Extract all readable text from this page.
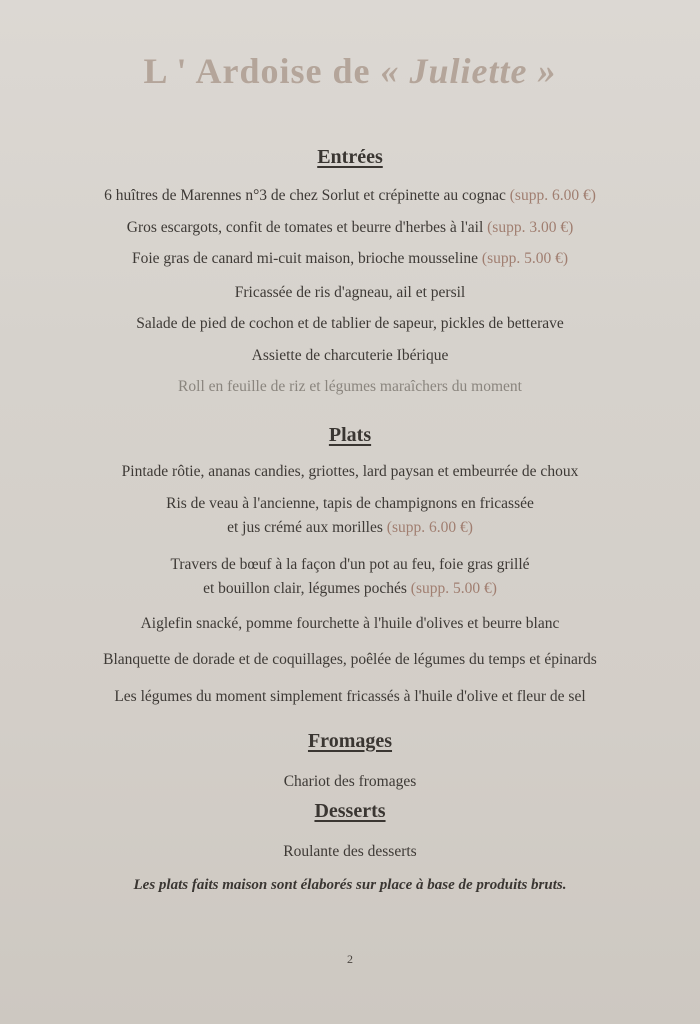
L ' Ardoise de « Juliette »
Entrées
6 huîtres de Marennes n°3 de chez Sorlut et crépinette au cognac (supp. 6.00 €)
Gros escargots, confit de tomates et beurre d'herbes à l'ail (supp. 3.00 €)
Foie gras de canard mi-cuit maison, brioche mousseline (supp. 5.00 €)
Fricassée de ris d'agneau, ail et persil
Salade de pied de cochon et de tablier de sapeur, pickles de betterave
Assiette de charcuterie Ibérique
Roll en feuille de riz et légumes maraîchers du moment
Plats
Pintade rôtie, ananas candies, griottes, lard paysan et embeurrée de choux
Ris de veau à l'ancienne, tapis de champignons en fricassée
et jus crémé aux morilles (supp. 6.00 €)
Travers de bœuf à la façon d'un pot au feu, foie gras grillé
et bouillon clair, légumes pochés (supp. 5.00 €)
Aiglefin snacké, pomme fourchette à l'huile d'olives et beurre blanc
Blanquette de dorade et de coquillages, poêlée de légumes du temps et épinards
Les légumes du moment simplement fricassés à l'huile d'olive et fleur de sel
Fromages
Chariot des fromages
Desserts
Roulante des desserts
Les plats faits maison sont élaborés sur place à base de produits bruts.
2
